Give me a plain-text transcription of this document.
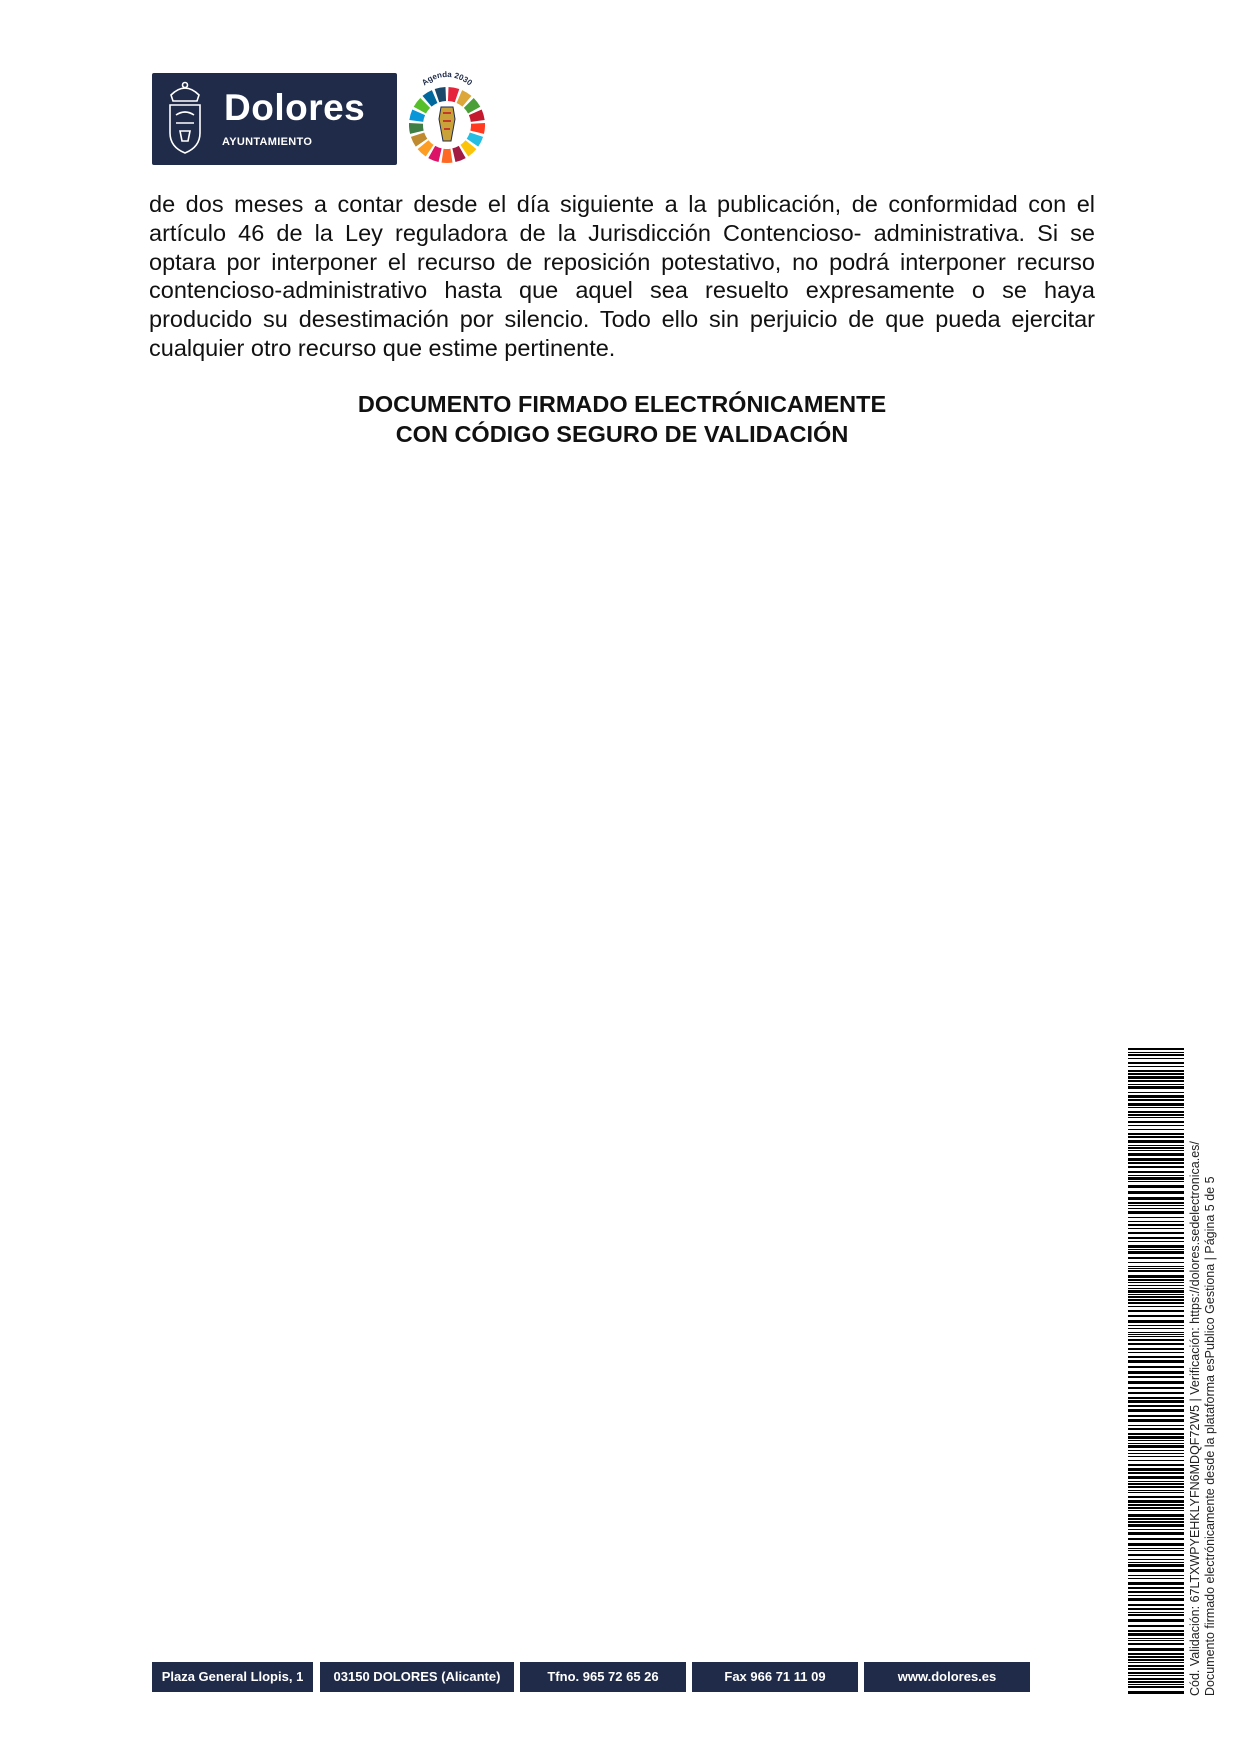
Dolores
AYUNTAMIENTO
Agenda 2030

de dos meses a contar desde el día siguiente a la publicación, de conformidad con el artículo 46 de la Ley reguladora de la Jurisdicción Contencioso- administrativa. Si se optara por interponer el recurso de reposición potestativo, no podrá interponer recurso contencioso-administrativo hasta que aquel sea resuelto expresamente o se haya producido su desestimación por silencio. Todo ello sin perjuicio de que pueda ejercitar cualquier otro recurso que estime pertinente.

DOCUMENTO FIRMADO ELECTRÓNICAMENTE
CON CÓDIGO SEGURO DE VALIDACIÓN
Cód. Validación: 67LTXWPYEHKLYFN6MDQF72W5 | Verificación: https://dolores.sedelectronica.es/ Documento firmado electrónicamente desde la plataforma esPublico Gestiona | Página 5 de 5
Plaza General Llopis, 1	03150 DOLORES (Alicante)	Tfno. 965 72 65 26	Fax 966 71 11 09	www.dolores.es
